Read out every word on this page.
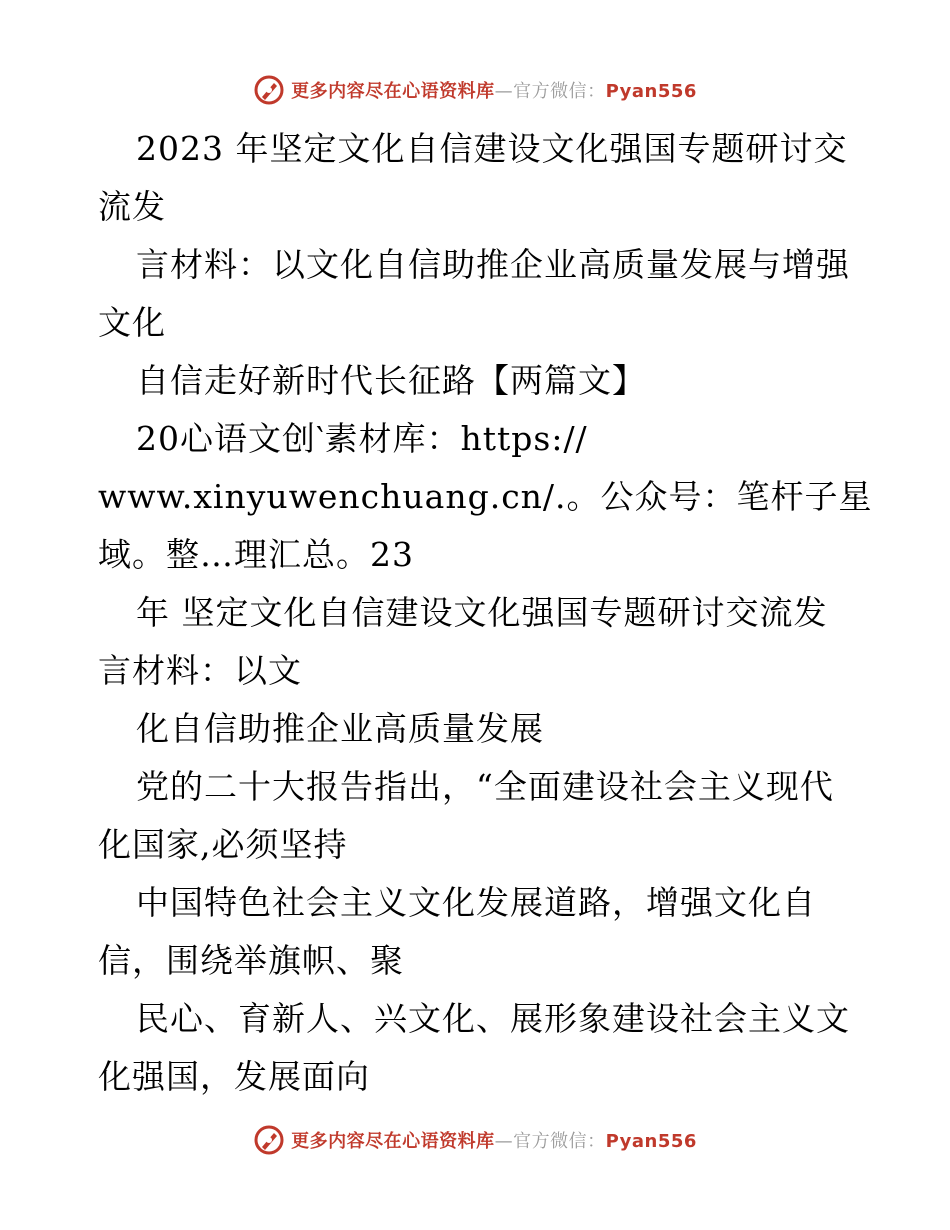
更多内容尽在心语资料库—官方微信：Pyan556
2023 年坚定文化自信建设文化强国专题研讨交
流发
言材料：以文化自信助推企业高质量发展与增强
文化
自信走好新时代长征路【两篇文】
20心语文创‵素材库：https://
www.xinyuwenchuang.cn/.。公众号：笔杆子星
域。整…理汇总。23
年 坚定文化自信建设文化强国专题研讨交流发
言材料：以文
化自信助推企业高质量发展
党的二十大报告指出，“全面建设社会主义现代
化国家,必须坚持
中国特色社会主义文化发展道路，增强文化自
信，围绕举旗帜、聚
民心、育新人、兴文化、展形象建设社会主义文
化强国，发展面向
更多内容尽在心语资料库—官方微信：Pyan556
